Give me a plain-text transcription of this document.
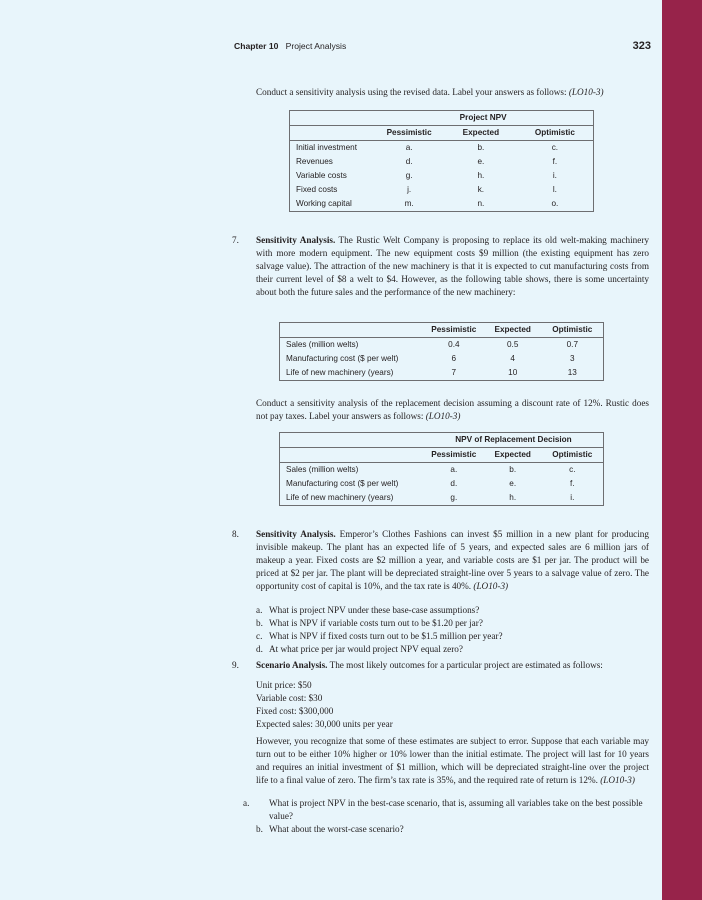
Chapter 10 Project Analysis	323

Conduct a sensitivity analysis using the revised data. Label your answers as follows: (LO10-3)

	Project NPV		
	Pessimistic	Expected	Optimistic
Initial investment	a.	b.	c.
Revenues	d.	e.	f.
Variable costs	g.	h.	i.
Fixed costs	j.	k.	l.
Working capital	m.	n.	o.
7. Sensitivity Analysis. The Rustic Welt Company is proposing to replace its old welt-making machinery with more modern equipment. The new equipment costs $9 million (the existing equipment has zero salvage value). The attraction of the new machinery is that it is expected to cut manufacturing costs from their current level of $8 a welt to $4. However, as the following table shows, there is some uncertainty about both the future sales and the performance of the new machinery:

	Pessimistic	Expected	Optimistic
Sales (million welts)	0.4	0.5	0.7
Manufacturing cost ($ per welt)	6	4	3
Life of new machinery (years)	7	10	13

Conduct a sensitivity analysis of the replacement decision assuming a discount rate of 12%. Rustic does not pay taxes. Label your answers as follows: (LO10-3)

	NPV of Replacement Decision		
	Pessimistic	Expected	Optimistic
Sales (million welts)	a.	b.	c.
Manufacturing cost ($ per welt)	d.	e.	f.
Life of new machinery (years)	g.	h.	i.
8. Sensitivity Analysis. Emperor’s Clothes Fashions can invest $5 million in a new plant for producing invisible makeup. The plant has an expected life of 5 years, and expected sales are 6 million jars of makeup a year. Fixed costs are $2 million a year, and variable costs are $1 per jar. The product will be priced at $2 per jar. The plant will be depreciated straight-line over 5 years to a salvage value of zero. The opportunity cost of capital is 10%, and the tax rate is 40%. (LO10-3)

a. What is project NPV under these base-case assumptions?
b. What is NPV if variable costs turn out to be $1.20 per jar?
c. What is NPV if fixed costs turn out to be $1.5 million per year?
d. At what price per jar would project NPV equal zero?
9. Scenario Analysis. The most likely outcomes for a particular project are estimated as follows:

Unit price: $50
Variable cost: $30
Fixed cost: $300,000
Expected sales: 30,000 units per year

However, you recognize that some of these estimates are subject to error. Suppose that each variable may turn out to be either 10% higher or 10% lower than the initial estimate. The project will last for 10 years and requires an initial investment of $1 million, which will be depreciated straight-line over the project life to a final value of zero. The firm’s tax rate is 35%, and the required rate of return is 12%. (LO10-3)

a. What is project NPV in the best-case scenario, that is, assuming all variables take on the best possible value?
b. What about the worst-case scenario?
